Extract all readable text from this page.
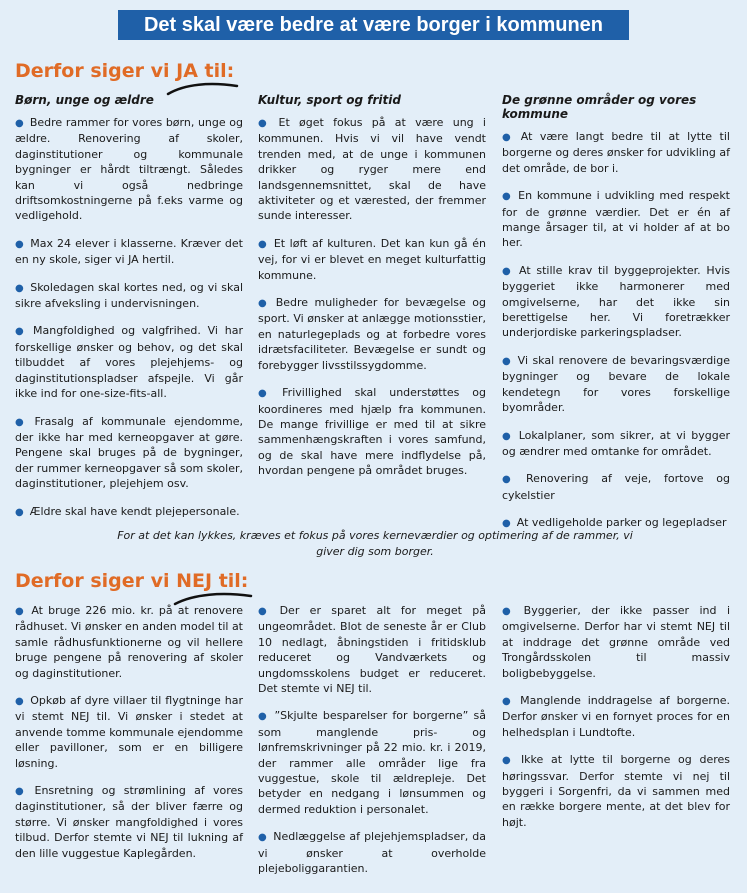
Det skal være bedre at være borger i kommunen
Derfor siger vi JA til:
Børn, unge og ældre
● Bedre rammer for vores børn, unge og ældre. Renovering af skoler, daginstitutioner og kommunale bygninger er hårdt tiltrængt. Således kan vi også nedbringe driftsomkostningerne på f.eks varme og vedligehold.
● Max 24 elever i klasserne. Kræver det en ny skole, siger vi JA hertil.
● Skoledagen skal kortes ned, og vi skal sikre afveksling i undervisningen.
● Mangfoldighed og valgfrihed. Vi har forskellige ønsker og behov, og det skal tilbuddet af vores plejehjems- og daginstitutionspladser afspejle. Vi går ikke ind for one-size-fits-all.
● Frasalg af kommunale ejendomme, der ikke har med kerneopgaver at gøre. Pengene skal bruges på de bygninger, der rummer kerneopgaver så som skoler, daginstitutioner, plejehjem osv.
● Ældre skal have kendt plejepersonale.
Kultur, sport og fritid
● Et øget fokus på at være ung i kommunen. Hvis vi vil have vendt trenden med, at de unge i kommunen drikker og ryger mere end landsgennemsnittet, skal de have aktiviteter og et værested, der fremmer sunde interesser.
● Et løft af kulturen. Det kan kun gå én vej, for vi er blevet en meget kulturfattig kommune.
● Bedre muligheder for bevægelse og sport. Vi ønsker at anlægge motionsstier, en naturlegeplads og at forbedre vores idrætsfaciliteter. Bevægelse er sundt og forebygger livsstilssygdomme.
● Frivillighed skal understøttes og koordineres med hjælp fra kommunen. De mange frivillige er med til at sikre sammenhængskraften i vores samfund, og de skal have mere indflydelse på, hvordan pengene på området bruges.
De grønne områder og vores kommune
● At være langt bedre til at lytte til borgerne og deres ønsker for udvikling af det område, de bor i.
● En kommune i udvikling med respekt for de grønne værdier. Det er én af mange årsager til, at vi holder af at bo her.
● At stille krav til byggeprojekter. Hvis byggeriet ikke harmonerer med omgivelserne, har det ikke sin berettigelse her. Vi foretrækker underjordiske parkeringspladser.
● Vi skal renovere de bevaringsværdige bygninger og bevare de lokale kendetegn for vores forskellige byområder.
● Lokalplaner, som sikrer, at vi bygger og ændrer med omtanke for området.
● Renovering af veje, fortove og cykelstier
● At vedligeholde parker og legepladser
For at det kan lykkes, kræves et fokus på vores kerneværdier og optimering af de rammer, vi giver dig som borger.
Derfor siger vi NEJ til:
● At bruge 226 mio. kr. på at renovere rådhuset. Vi ønsker en anden model til at samle rådhusfunktionerne og vil hellere bruge pengene på renovering af skoler og daginstitutioner.
● Opkøb af dyre villaer til flygtninge har vi stemt NEJ til. Vi ønsker i stedet at anvende tomme kommunale ejendomme eller pavilloner, som er en billigere løsning.
● Ensretning og strømlining af vores daginstitutioner, så der bliver færre og større. Vi ønsker mangfoldighed i vores tilbud. Derfor stemte vi NEJ til lukning af den lille vuggestue Kaplegården.
● Der er sparet alt for meget på ungeområdet. Blot de seneste år er Club 10 nedlagt, åbningstiden i fritidsklub reduceret og Vandværkets og ungdomsskolens budget er reduceret. Det stemte vi NEJ til.
● ”Skjulte besparelser for borgerne” så som manglende pris- og lønfremskrivninger på 22 mio. kr. i 2019, der rammer alle områder lige fra vuggestue, skole til ældrepleje. Det betyder en nedgang i lønsummen og dermed reduktion i personalet.
● Nedlæggelse af plejehjemspladser, da vi ønsker at overholde plejeboliggarantien.
● Byggerier, der ikke passer ind i omgivelserne. Derfor har vi stemt NEJ til at inddrage det grønne område ved Trongårdsskolen til massiv boligbebyggelse.
● Manglende inddragelse af borgerne. Derfor ønsker vi en fornyet proces for en helhedsplan i Lundtofte.
● Ikke at lytte til borgerne og deres høringssvar. Derfor stemte vi nej til byggeri i Sorgenfri, da vi sammen med en række borgere mente, at det blev for højt.
